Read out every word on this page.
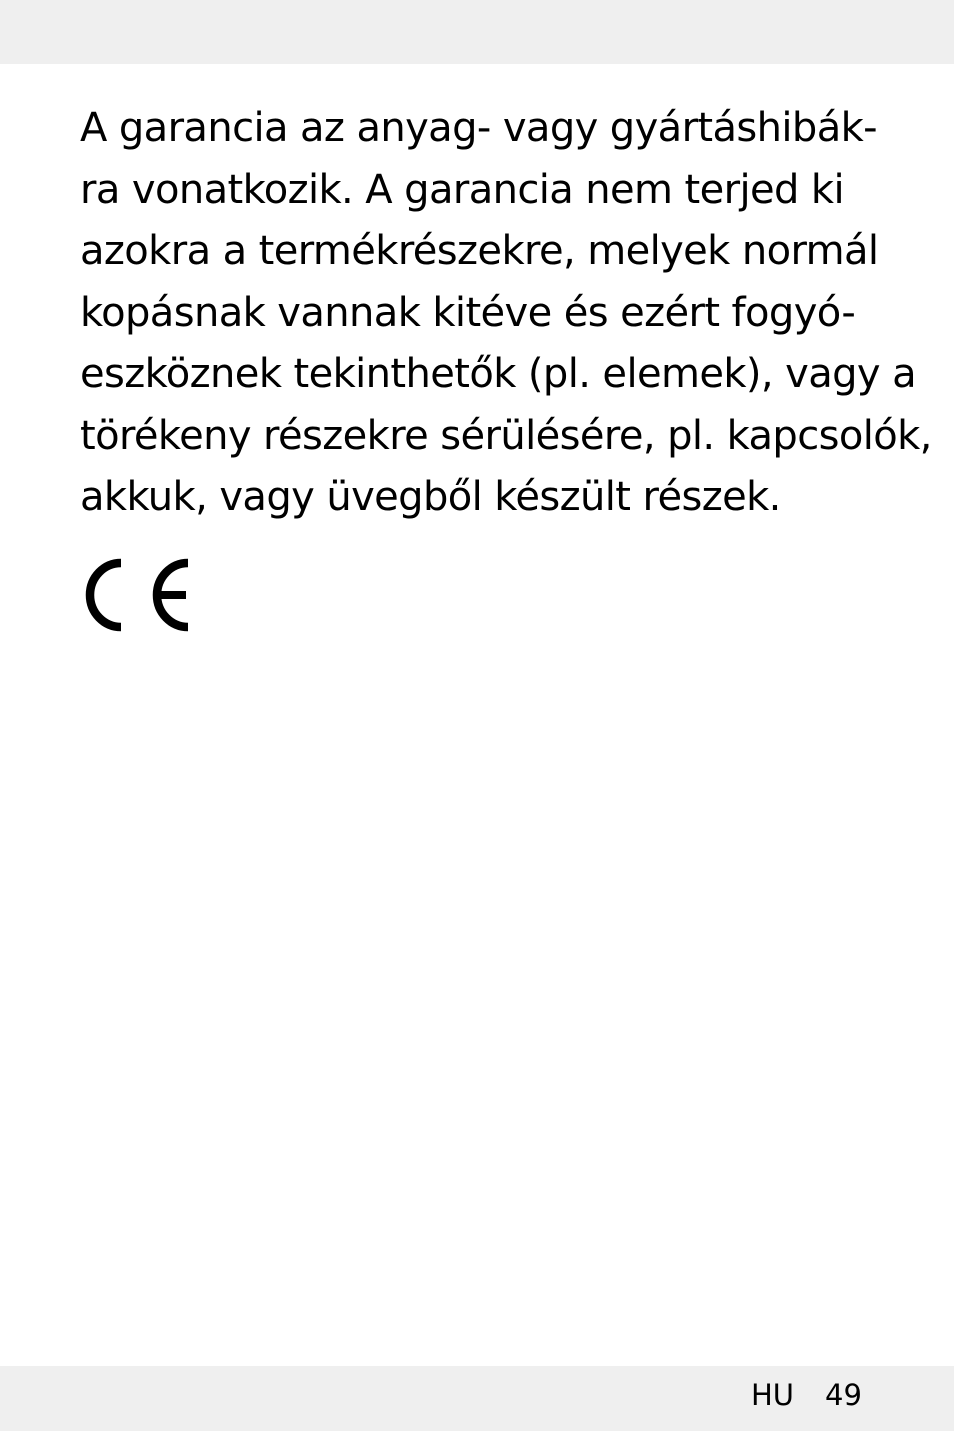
A garancia az anyag- vagy gyártáshibák-
ra vonatkozik. A garancia nem terjed ki
azokra a termékrészekre, melyek normál
kopásnak vannak kitéve és ezért fogyó-
eszköznek tekinthetők (pl. elemek), vagy a
törékeny részekre sérülésére, pl. kapcsolók,
akkuk, vagy üvegből készült részek.

HU 49
